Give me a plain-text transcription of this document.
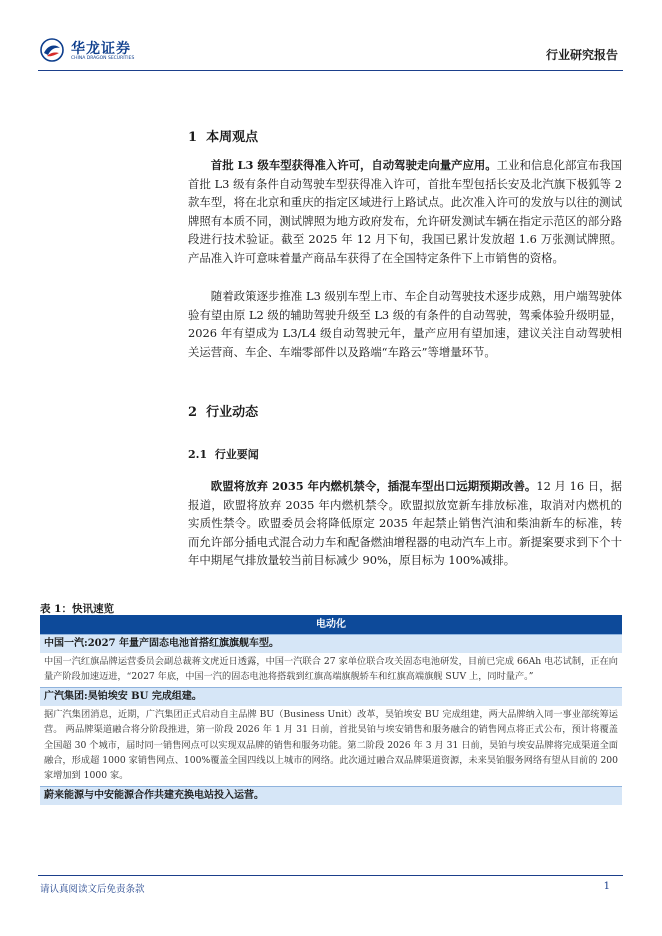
华龙证券
CHINA DRAGON SECURITIES	行业研究报告
1 本周观点

首批 L3 级车型获得准入许可，自动驾驶走向量产应用。工业和信息化部宣布我国首批 L3 级有条件自动驾驶车型获得准入许可，首批车型包括长安及北汽旗下极狐等 2 款车型，将在北京和重庆的指定区域进行上路试点。此次准入许可的发放与以往的测试牌照有本质不同，测试牌照为地方政府发布，允许研发测试车辆在指定示范区的部分路段进行技术验证。截至 2025 年 12 月下旬，我国已累计发放超 1.6 万张测试牌照。产品准入许可意味着量产商品车获得了在全国特定条件下上市销售的资格。

随着政策逐步推准 L3 级别车型上市、车企自动驾驶技术逐步成熟，用户端驾驶体验有望由原 L2 级的辅助驾驶升级至 L3 级的有条件的自动驾驶，驾乘体验升级明显，2026 年有望成为 L3/L4 级自动驾驶元年，量产应用有望加速，建议关注自动驾驶相关运营商、车企、车端零部件以及路端“车路云”等增量环节。

2 行业动态
2.1 行业要闻

欧盟将放弃 2035 年内燃机禁令，插混车型出口远期预期改善。12 月 16 日，据报道，欧盟将放弃 2035 年内燃机禁令。欧盟拟放宽新车排放标准，取消对内燃机的实质性禁令。欧盟委员会将降低原定 2035 年起禁止销售汽油和柴油新车的标准，转而允许部分插电式混合动力车和配备燃油增程器的电动汽车上市。新提案要求到下个十年中期尾气排放量较当前目标减少 90%，原目标为 100%减排。

表 1：快讯速览
电动化
中国一汽:2027 年量产固态电池首搭红旗旗舰车型。
中国一汽红旗品牌运营委员会副总裁蒋文虎近日透露，中国一汽联合 27 家单位联合攻关固态电池研发，目前已完成 66Ah 电芯试制，正在向量产阶段加速迈进，“2027 年底，中国一汽的固态电池将搭载到红旗高端旗舰轿车和红旗高端旗舰 SUV 上，同时量产。”
广汽集团:昊铂埃安 BU 完成组建。
据广汽集团消息，近期，广汽集团正式启动自主品牌 BU（Business Unit）改革，昊铂埃安 BU 完成组建，两大品牌纳入同一事业部统筹运营。 两品牌渠道融合将分阶段推进，第一阶段 2026 年 1 月 31 日前，首批昊铂与埃安销售和服务融合的销售网点将正式公布，预计将覆盖全国超 30 个城市，届时同一销售网点可以实现双品牌的销售和服务功能。第二阶段 2026 年 3 月 31 日前，昊铂与埃安品牌将完成渠道全面融合，形成超 1000 家销售网点、100%覆盖全国四线以上城市的网络。此次通过融合双品牌渠道资源，未来昊铂服务网络有望从目前的 200 家增加到 1000 家。
蔚来能源与中安能源合作共建充换电站投入运营。
请认真阅读文后免责条款	1
